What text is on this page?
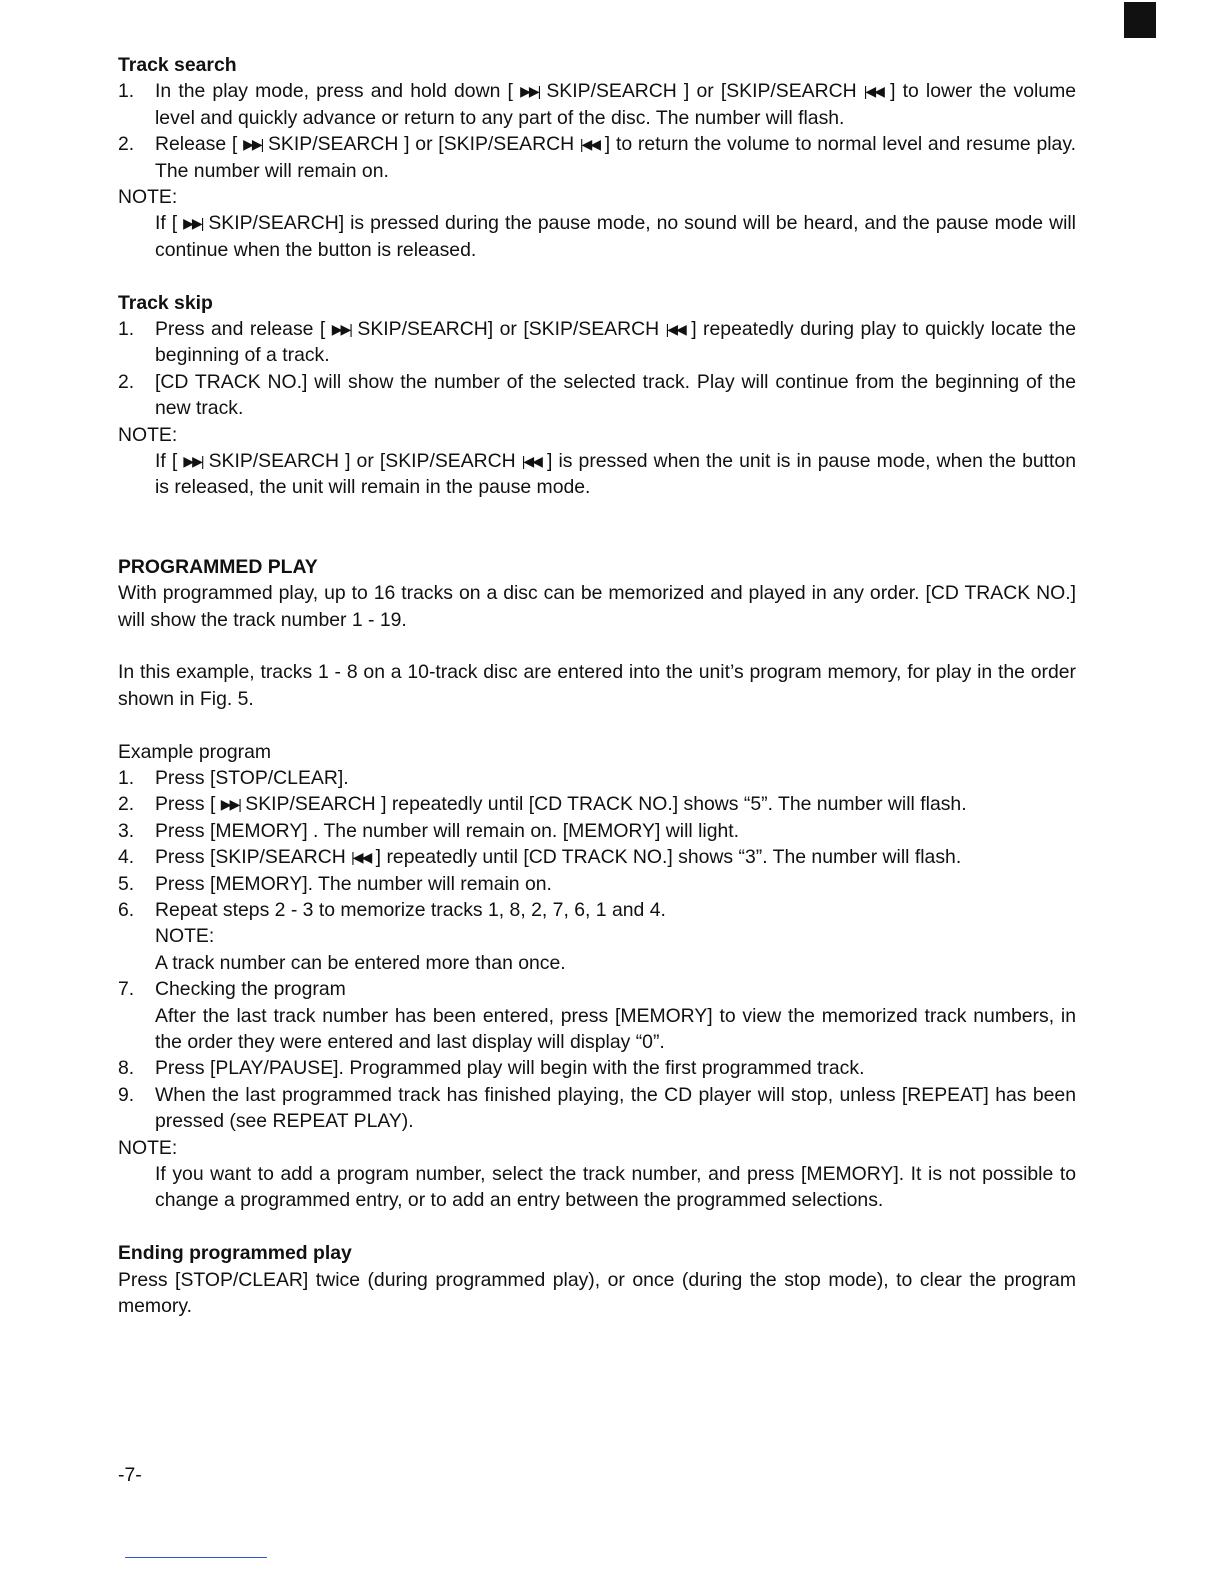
Track search

1.	In the play mode, press and hold down [ ▶▶| SKIP/SEARCH ] or [SKIP/SEARCH |◀◀ ] to lower the volume level and quickly advance or return to any part of the disc. The number will flash.
2.	Release [ ▶▶| SKIP/SEARCH ] or [SKIP/SEARCH |◀◀ ] to return the volume to normal level and resume play. The number will remain on.

NOTE:

If [ ▶▶| SKIP/SEARCH] is pressed during the pause mode, no sound will be heard, and the pause mode will continue when the button is released.

Track skip

1.	Press and release [ ▶▶| SKIP/SEARCH] or [SKIP/SEARCH |◀◀ ] repeatedly during play to quickly locate the beginning of a track.
2.	[CD TRACK NO.] will show the number of the selected track. Play will continue from the beginning of the new track.

NOTE:

If [ ▶▶| SKIP/SEARCH ] or [SKIP/SEARCH |◀◀ ] is pressed when the unit is in pause mode, when the button is released, the unit will remain in the pause mode.

PROGRAMMED PLAY

With programmed play, up to 16 tracks on a disc can be memorized and played in any order. [CD TRACK NO.] will show the track number 1 - 19.

In this example, tracks 1 - 8 on a 10-track disc are entered into the unit’s program memory, for play in the order shown in Fig. 5.

Example program

1.	Press [STOP/CLEAR].
2.	Press [ ▶▶| SKIP/SEARCH ] repeatedly until [CD TRACK NO.] shows “5”. The number will flash.
3.	Press [MEMORY] . The number will remain on. [MEMORY] will light.
4.	Press [SKIP/SEARCH |◀◀ ] repeatedly until [CD TRACK NO.] shows “3”. The number will flash.
5.	Press [MEMORY]. The number will remain on.
6.	Repeat steps 2 - 3 to memorize tracks 1, 8, 2, 7, 6, 1 and 4.

NOTE:

A track number can be entered more than once.

7.	Checking the program

After the last track number has been entered, press [MEMORY] to view the memorized track numbers, in the order they were entered and last display will display “0”.

8.	Press [PLAY/PAUSE]. Programmed play will begin with the first programmed track.
9.	When the last programmed track has finished playing, the CD player will stop, unless [REPEAT] has been pressed (see REPEAT PLAY).

NOTE:

If you want to add a program number, select the track number, and press [MEMORY]. It is not possible to change a programmed entry, or to add an entry between the programmed selections.

Ending programmed play

Press [STOP/CLEAR] twice (during programmed play), or once (during the stop mode), to clear the program memory.

-7-
